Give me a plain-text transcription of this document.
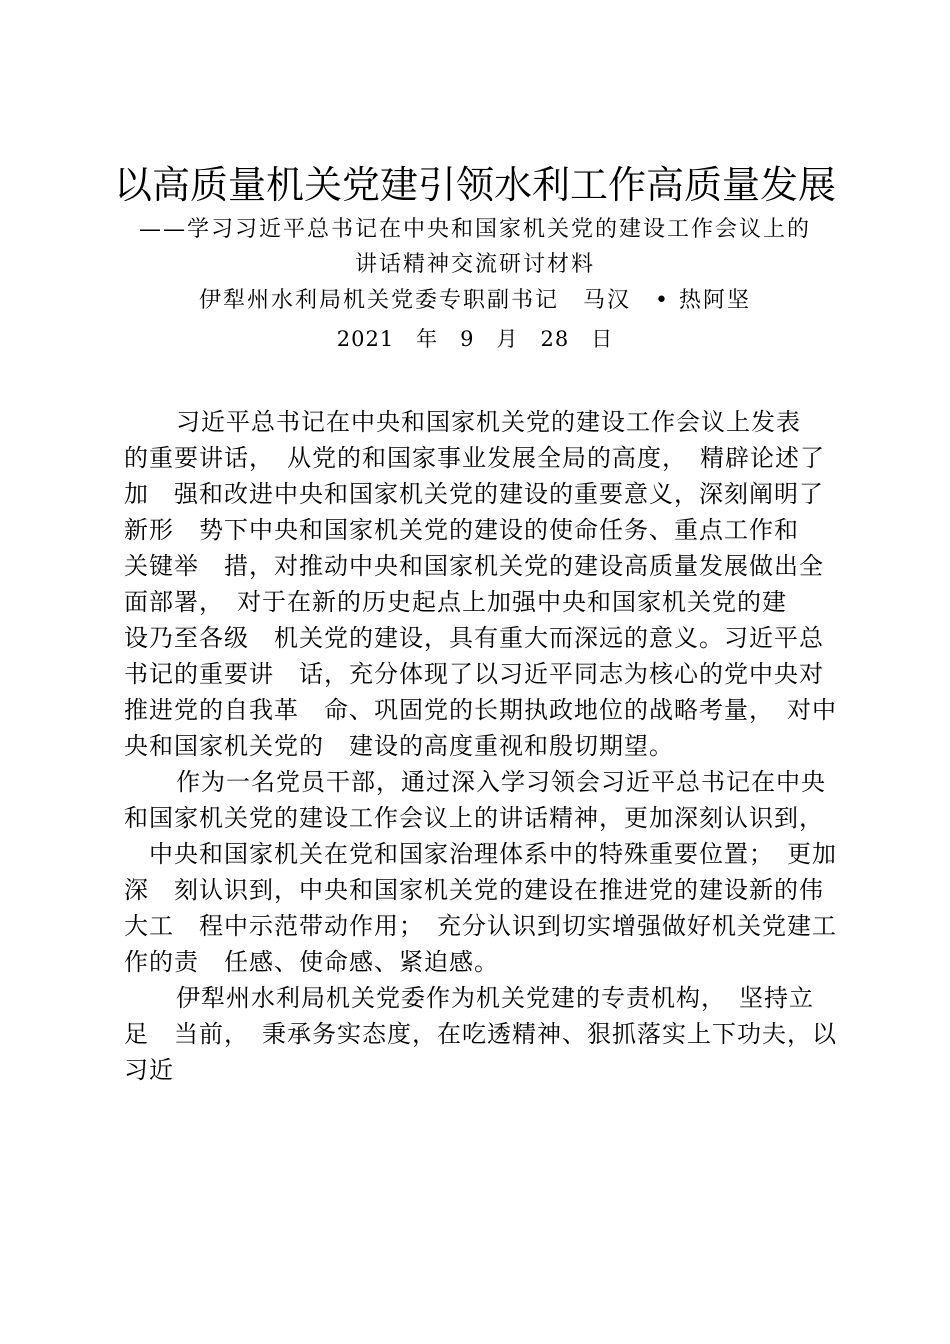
以高质量机关党建引领水利工作高质量发展
——学习习近平总书记在中央和国家机关党的建设工作会议上的
讲话精神交流研讨材料
伊犁州水利局机关党委专职副书记　马汉　• 热阿坚
2021　年　9　月　28　日
习近平总书记在中央和国家机关党的建设工作会议上发表
的重要讲话，　从党的和国家事业发展全局的高度，　精辟论述了
加　强和改进中央和国家机关党的建设的重要意义，深刻阐明了
新形　势下中央和国家机关党的建设的使命任务、重点工作和
关键举　措，对推动中央和国家机关党的建设高质量发展做出全
面部署，　对于在新的历史起点上加强中央和国家机关党的建
设乃至各级　机关党的建设，具有重大而深远的意义。习近平总
书记的重要讲　话，充分体现了以习近平同志为核心的党中央对
推进党的自我革　命、巩固党的长期执政地位的战略考量，　对中
央和国家机关党的　建设的高度重视和殷切期望。
作为一名党员干部，通过深入学习领会习近平总书记在中央
和国家机关党的建设工作会议上的讲话精神，更加深刻认识到，
　中央和国家机关在党和国家治理体系中的特殊重要位置；　更加
深　刻认识到，中央和国家机关党的建设在推进党的建设新的伟
大工　程中示范带动作用；　充分认识到切实增强做好机关党建工
作的责　任感、使命感、紧迫感。
伊犁州水利局机关党委作为机关党建的专责机构，　坚持立
足　当前，　秉承务实态度，在吃透精神、狠抓落实上下功夫，以
习近
